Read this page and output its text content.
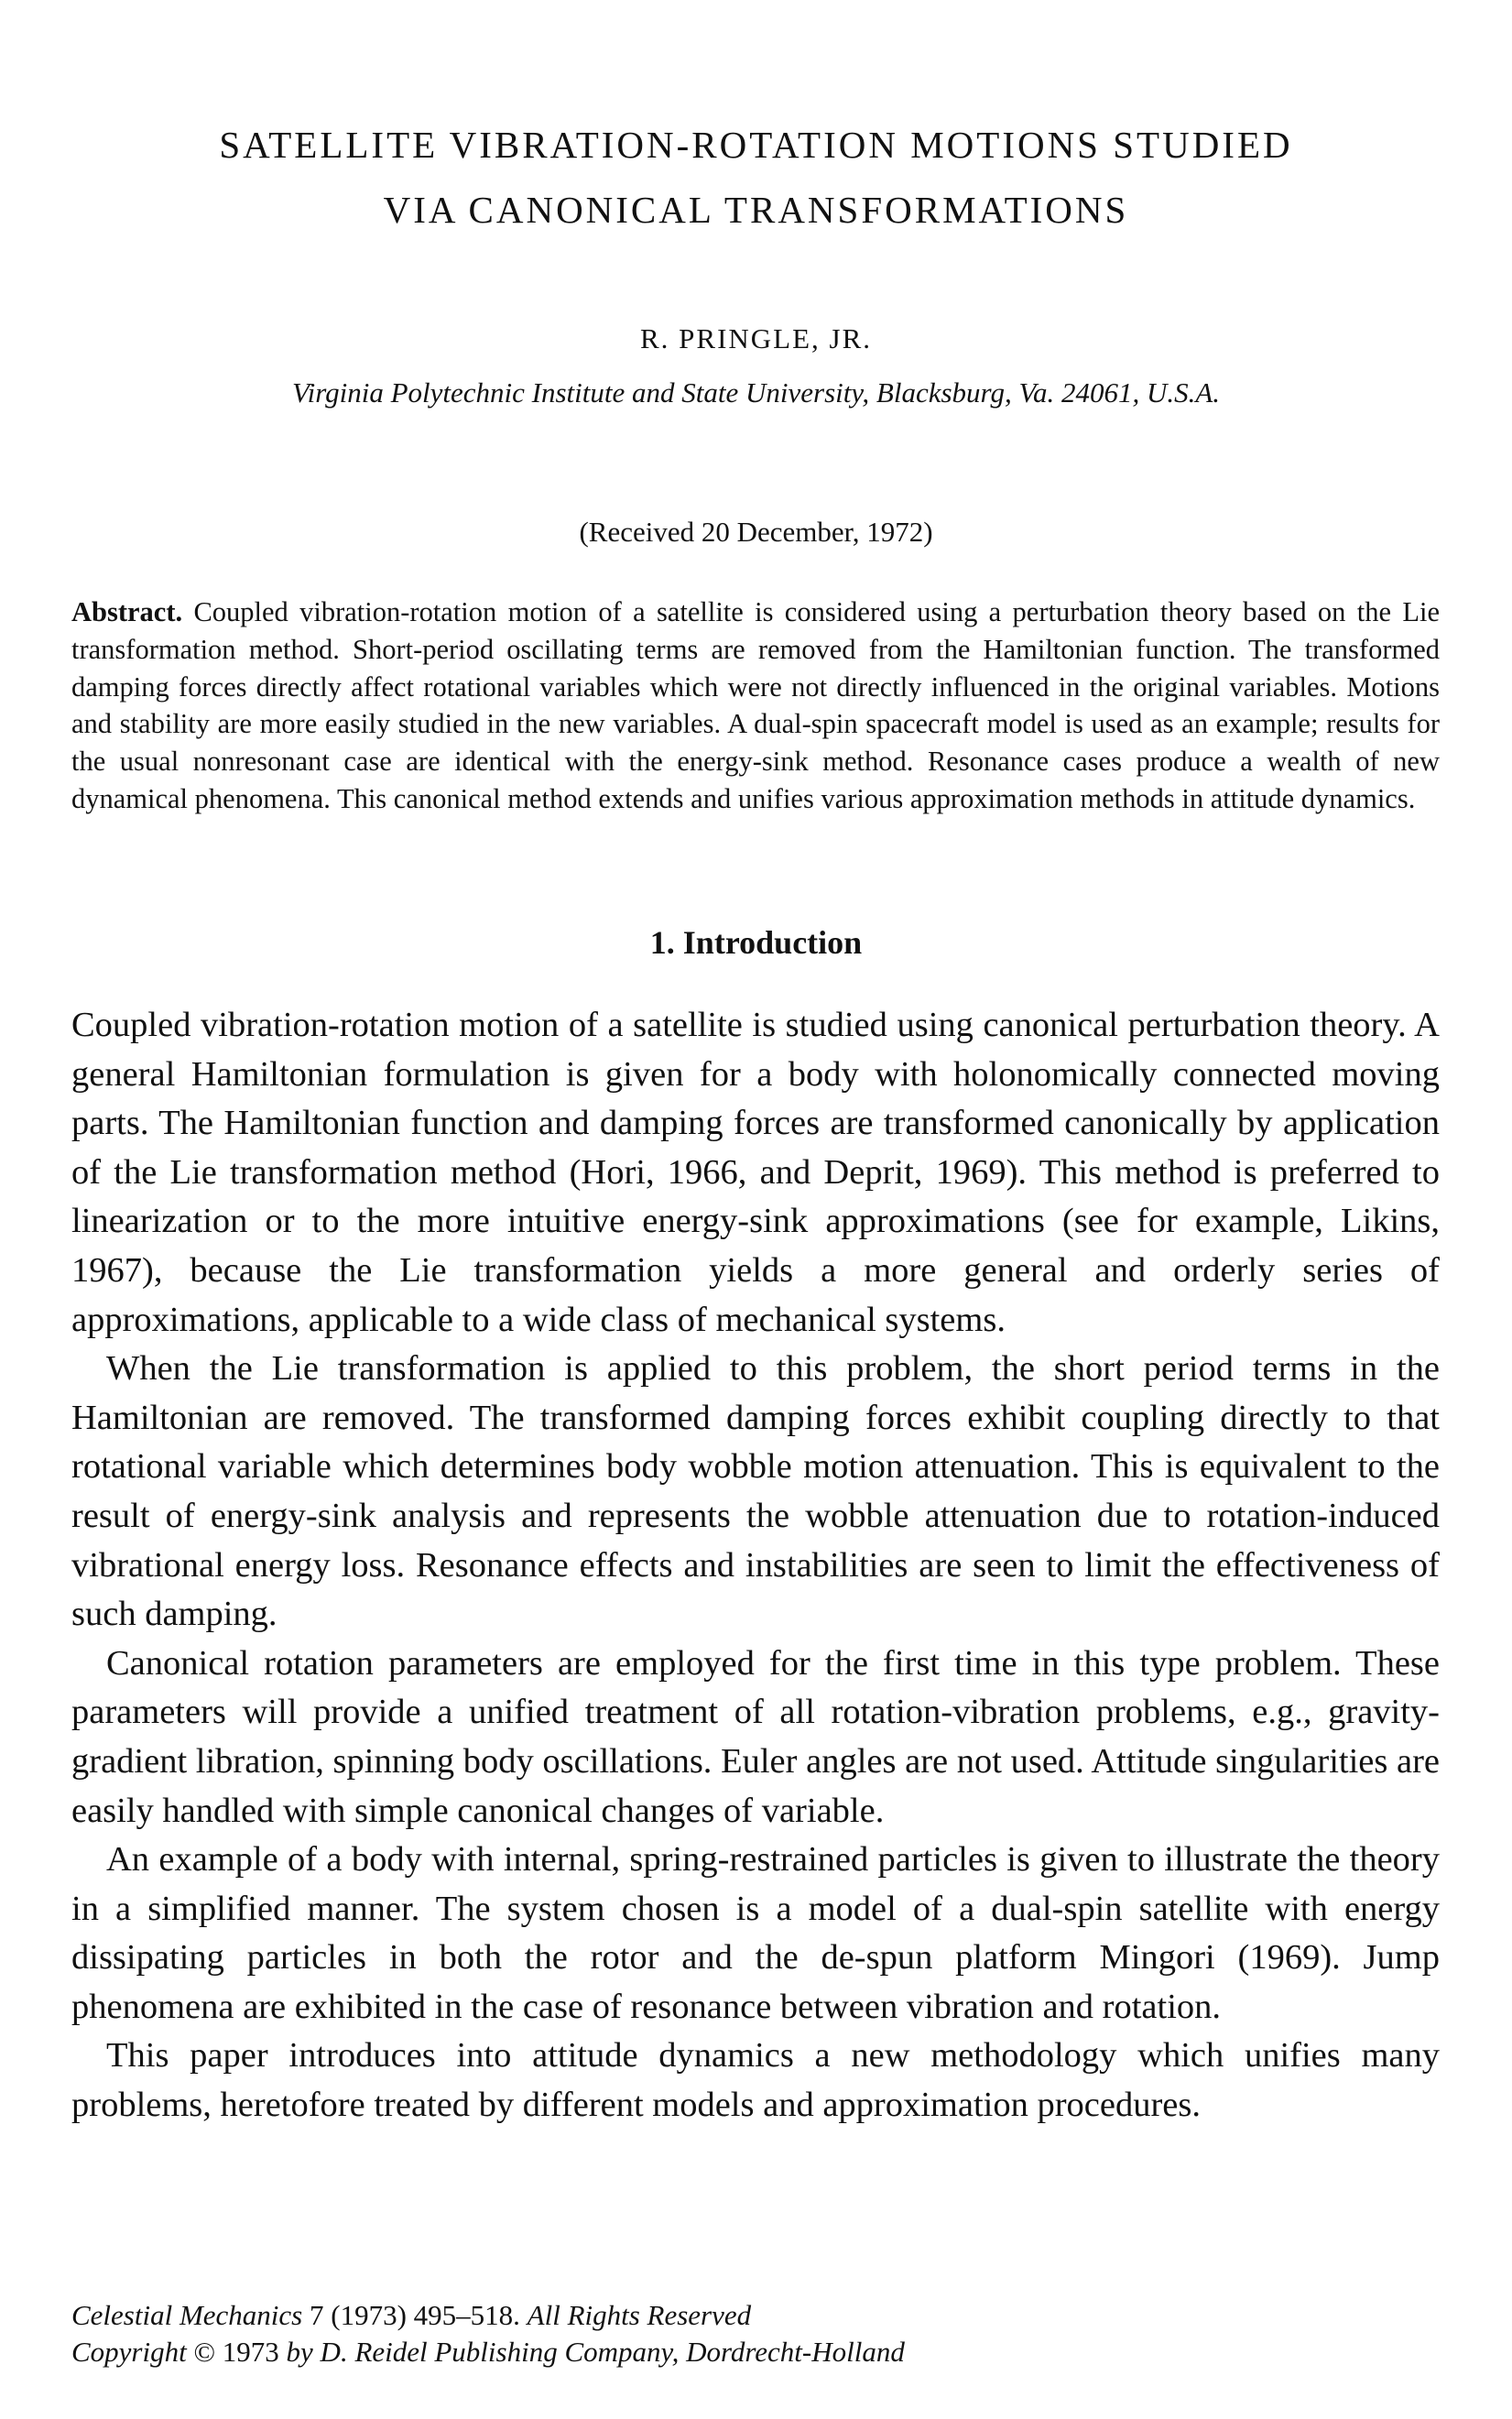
SATELLITE VIBRATION-ROTATION MOTIONS STUDIED
VIA CANONICAL TRANSFORMATIONS
R. PRINGLE, JR.
Virginia Polytechnic Institute and State University, Blacksburg, Va. 24061, U.S.A.
(Received 20 December, 1972)

Abstract. Coupled vibration-rotation motion of a satellite is considered using a perturbation theory based on the Lie transformation method. Short-period oscillating terms are removed from the Hamiltonian function. The transformed damping forces directly affect rotational variables which were not directly influenced in the original variables. Motions and stability are more easily studied in the new variables. A dual-spin spacecraft model is used as an example; results for the usual nonresonant case are identical with the energy-sink method. Resonance cases produce a wealth of new dynamical phenomena. This canonical method extends and unifies various approximation methods in attitude dynamics.

1. Introduction

Coupled vibration-rotation motion of a satellite is studied using canonical perturbation theory. A general Hamiltonian formulation is given for a body with holonomically connected moving parts. The Hamiltonian function and damping forces are transformed canonically by application of the Lie transformation method (Hori, 1966, and Deprit, 1969). This method is preferred to linearization or to the more intuitive energy-sink approximations (see for example, Likins, 1967), because the Lie transformation yields a more general and orderly series of approximations, applicable to a wide class of mechanical systems.

When the Lie transformation is applied to this problem, the short period terms in the Hamiltonian are removed. The transformed damping forces exhibit coupling directly to that rotational variable which determines body wobble motion attenuation. This is equivalent to the result of energy-sink analysis and represents the wobble attenuation due to rotation-induced vibrational energy loss. Resonance effects and instabilities are seen to limit the effectiveness of such damping.

Canonical rotation parameters are employed for the first time in this type problem. These parameters will provide a unified treatment of all rotation-vibration problems, e.g., gravity-gradient libration, spinning body oscillations. Euler angles are not used. Attitude singularities are easily handled with simple canonical changes of variable.

An example of a body with internal, spring-restrained particles is given to illustrate the theory in a simplified manner. The system chosen is a model of a dual-spin satellite with energy dissipating particles in both the rotor and the de-spun platform Mingori (1969). Jump phenomena are exhibited in the case of resonance between vibration and rotation.

This paper introduces into attitude dynamics a new methodology which unifies many problems, heretofore treated by different models and approximation procedures.

Celestial Mechanics 7 (1973) 495–518. All Rights Reserved
Copyright © 1973 by D. Reidel Publishing Company, Dordrecht-Holland
